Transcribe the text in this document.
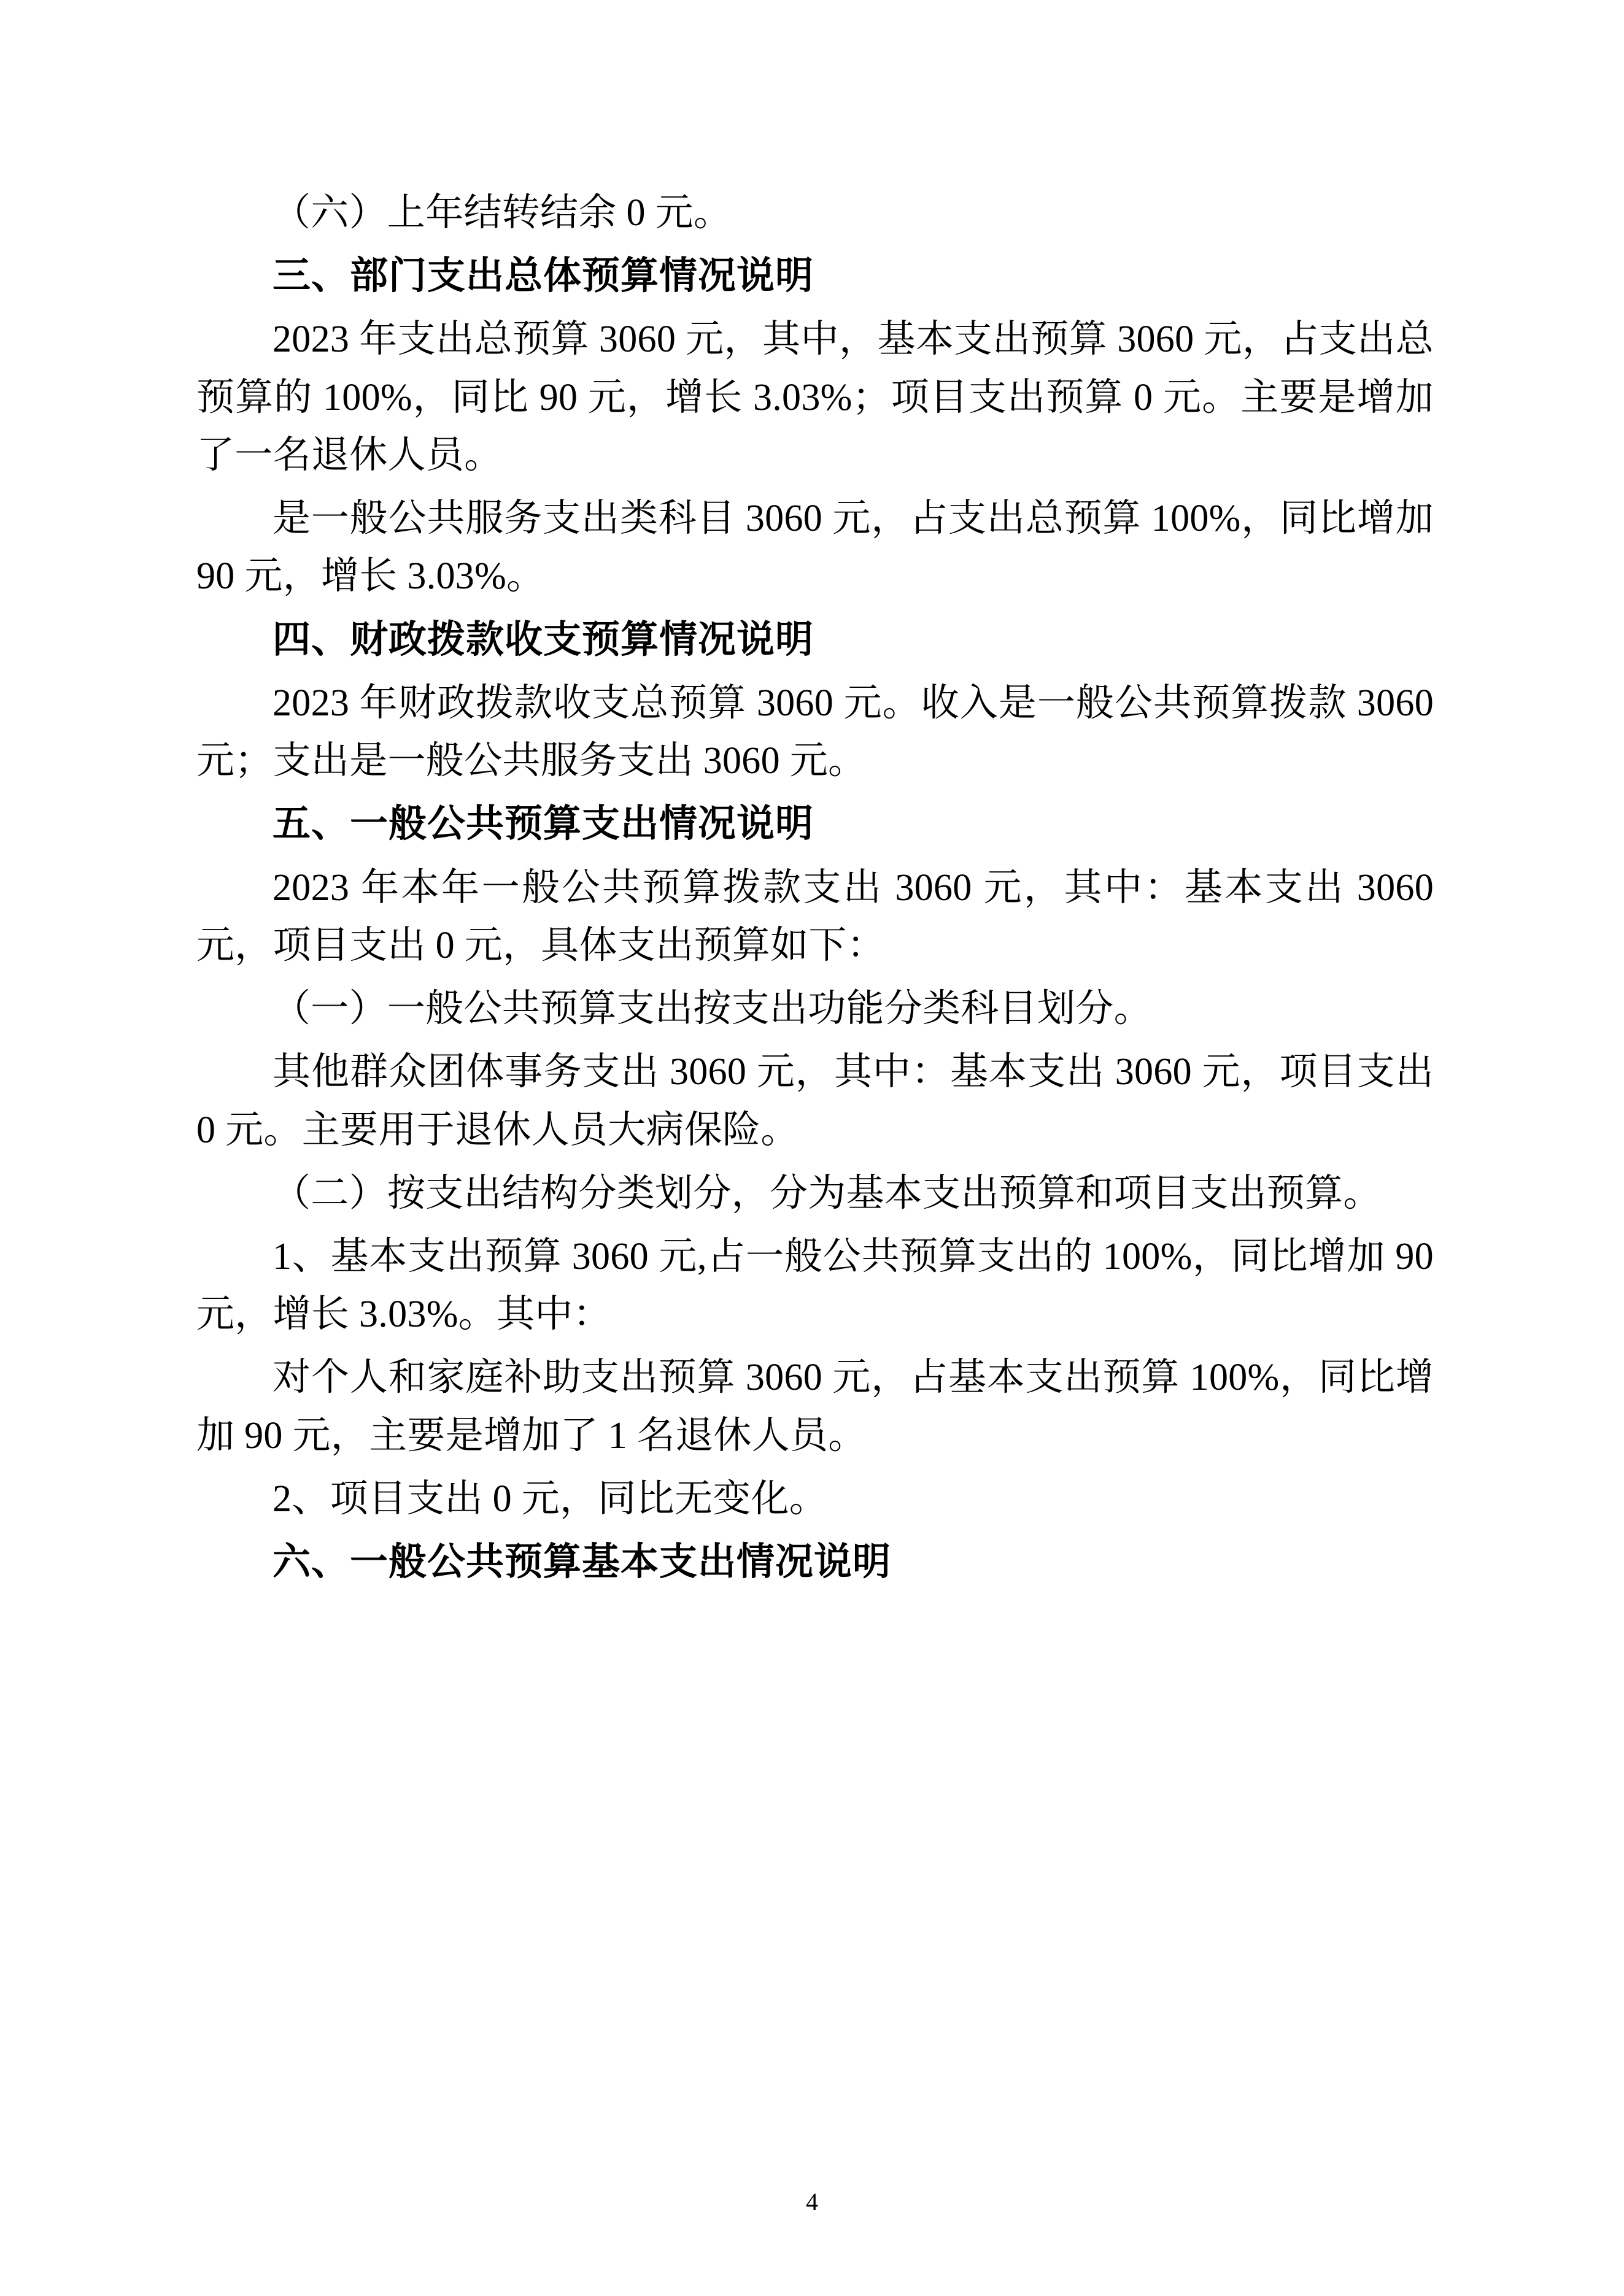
（六）上年结转结余 0 元。

三、部门支出总体预算情况说明

2023 年支出总预算 3060 元，其中，基本支出预算 3060 元，占支出总预算的 100%，同比 90 元，增长 3.03%；项目支出预算 0 元。主要是增加了一名退休人员。

是一般公共服务支出类科目 3060 元，占支出总预算 100%，同比增加 90 元，增长 3.03%。

四、财政拨款收支预算情况说明

2023 年财政拨款收支总预算 3060 元。收入是一般公共预算拨款 3060 元；支出是一般公共服务支出 3060 元。

五、一般公共预算支出情况说明

2023 年本年一般公共预算拨款支出 3060 元，其中：基本支出 3060 元，项目支出 0 元，具体支出预算如下：

（一）一般公共预算支出按支出功能分类科目划分。

其他群众团体事务支出 3060 元，其中：基本支出 3060 元，项目支出 0 元。主要用于退休人员大病保险。

（二）按支出结构分类划分，分为基本支出预算和项目支出预算。

1、基本支出预算 3060 元,占一般公共预算支出的 100%，同比增加 90 元，增长 3.03%。其中：

对个人和家庭补助支出预算 3060 元，占基本支出预算 100%，同比增加 90 元，主要是增加了 1 名退休人员。

2、项目支出 0 元，同比无变化。

六、一般公共预算基本支出情况说明

4
